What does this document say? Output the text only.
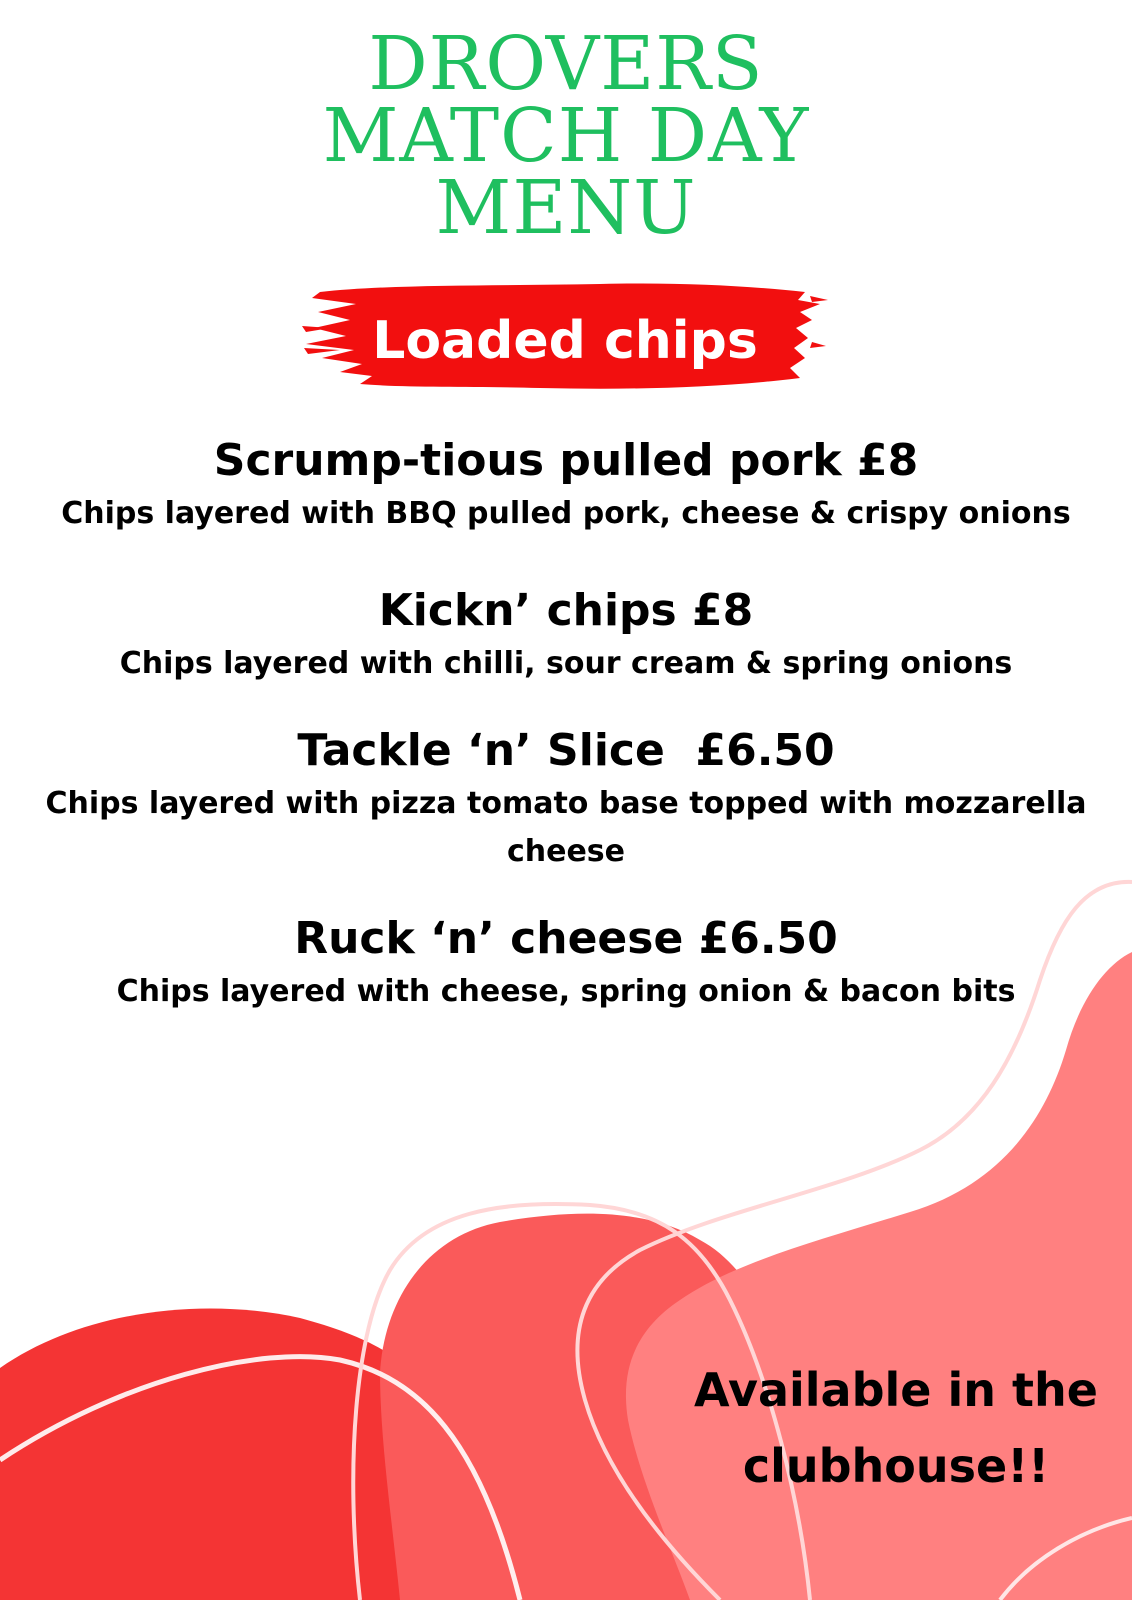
DROVERS
MATCH DAY
MENU
Loaded chips

Scrump-tious pulled pork £8

Chips layered with BBQ pulled pork, cheese & crispy onions

Kickn’ chips £8

Chips layered with chilli, sour cream & spring onions

Tackle ‘n’ Slice  £6.50

Chips layered with pizza tomato base topped with mozzarella cheese

Ruck ‘n’ cheese £6.50

Chips layered with cheese, spring onion & bacon bits

Available in the
clubhouse!!
